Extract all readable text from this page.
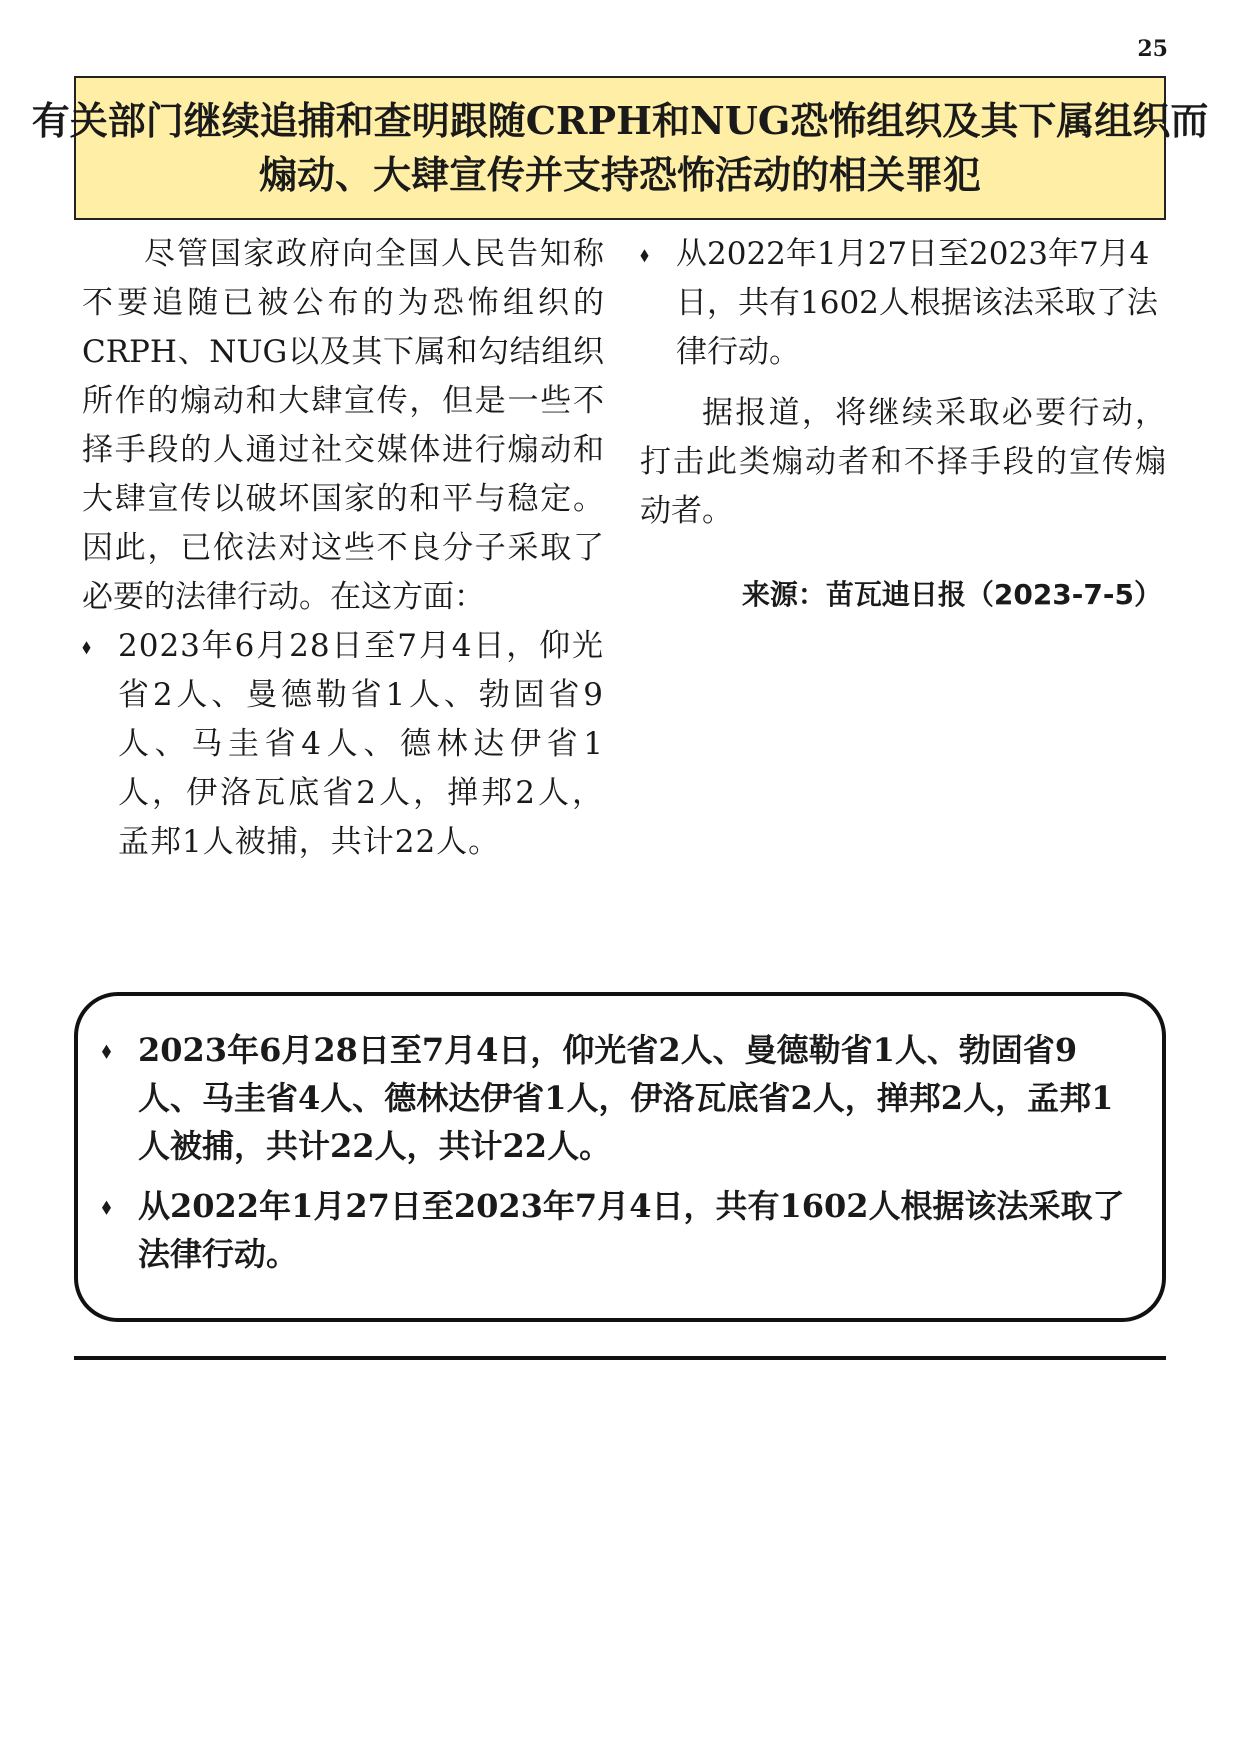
25
有关部门继续追捕和查明跟随CRPH和NUG恐怖组织及其下属组织而
煽动、大肆宣传并支持恐怖活动的相关罪犯

尽管国家政府向全国人民告知称不要追随已被公布的为恐怖组织的CRPH、NUG以及其下属和勾结组织所作的煽动和大肆宣传，但是一些不择手段的人通过社交媒体进行煽动和大肆宣传以破坏国家的和平与稳定。因此，已依法对这些不良分子采取了必要的法律行动。在这方面：

⬧ 2023年6月28日至7月4日，仰光省2人、曼德勒省1人、勃固省9人、马圭省4人、德林达伊省1人，伊洛瓦底省2人，掸邦2人，孟邦1人被捕，共计22人。
⬧ 从2022年1月27日至2023年7月4日，共有1602人根据该法采取了法律行动。

据报道，将继续采取必要行动，打击此类煽动者和不择手段的宣传煽动者。

来源：苗瓦迪日报（2023-7-5）
⬧ 2023年6月28日至7月4日，仰光省2人、曼德勒省1人、勃固省9人、马圭省4人、德林达伊省1人，伊洛瓦底省2人，掸邦2人，孟邦1人被捕，共计22人，共计22人。
⬧ 从2022年1月27日至2023年7月4日，共有1602人根据该法采取了法律行动。
